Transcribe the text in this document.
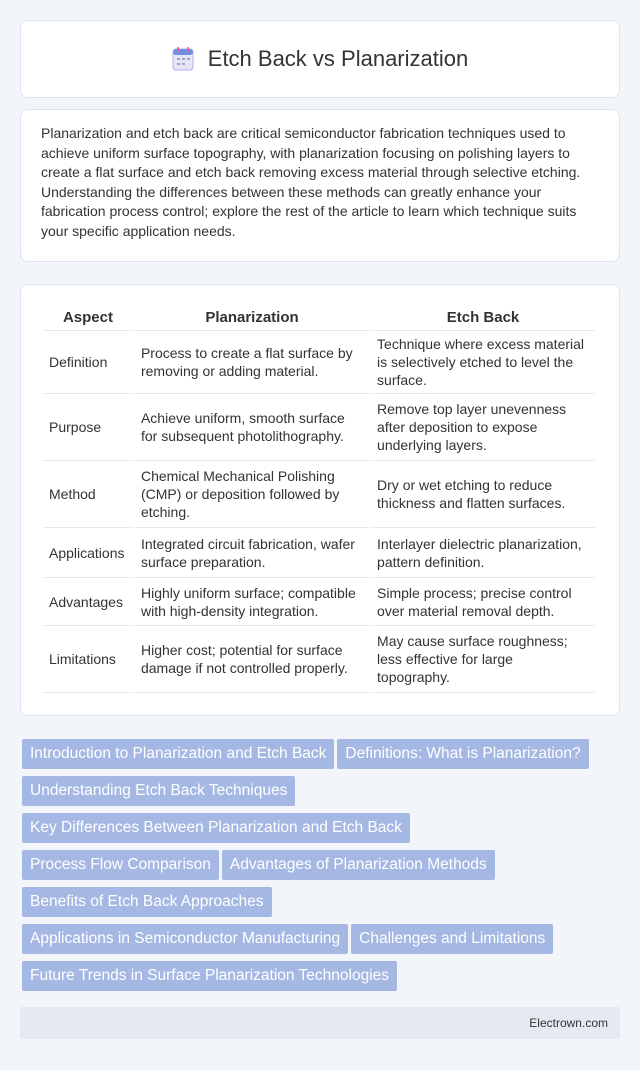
Etch Back vs Planarization

Planarization and etch back are critical semiconductor fabrication techniques used to achieve uniform surface topography, with planarization focusing on polishing layers to create a flat surface and etch back removing excess material through selective etching. Understanding the differences between these methods can greatly enhance your fabrication process control; explore the rest of the article to learn which technique suits your specific application needs.

Aspect	Planarization	Etch Back
Definition	Process to create a flat surface by removing or adding material.	Technique where excess material is selectively etched to level the surface.
Purpose	Achieve uniform, smooth surface for subsequent photolithography.	Remove top layer unevenness after deposition to expose underlying layers.
Method	Chemical Mechanical Polishing (CMP) or deposition followed by etching.	Dry or wet etching to reduce thickness and flatten surfaces.
Applications	Integrated circuit fabrication, wafer surface preparation.	Interlayer dielectric planarization, pattern definition.
Advantages	Highly uniform surface; compatible with high-density integration.	Simple process; precise control over material removal depth.
Limitations	Higher cost; potential for surface damage if not controlled properly.	May cause surface roughness; less effective for large topography.
Introduction to Planarization and Etch Back Definitions: What is Planarization?
Understanding Etch Back Techniques
Key Differences Between Planarization and Etch Back
Process Flow Comparison Advantages of Planarization Methods
Benefits of Etch Back Approaches
Applications in Semiconductor Manufacturing Challenges and Limitations
Future Trends in Surface Planarization Technologies
Electrown.com
